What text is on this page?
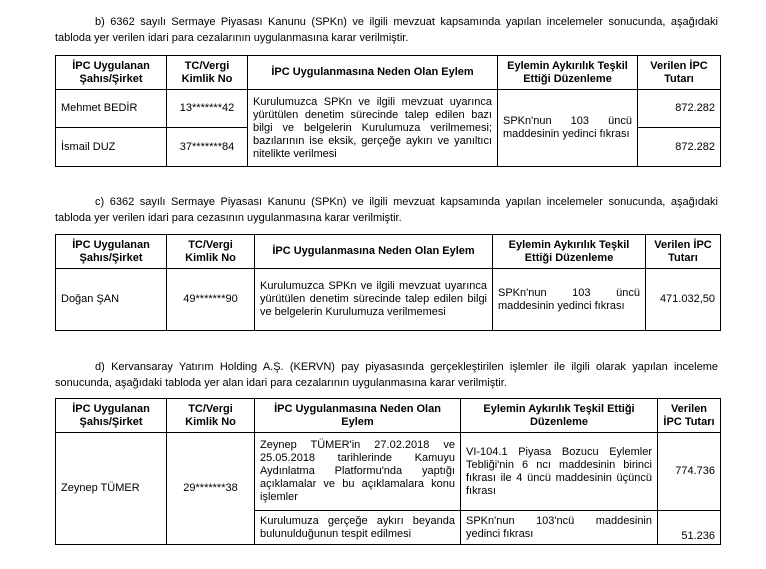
b) 6362 sayılı Sermaye Piyasası Kanunu (SPKn) ve ilgili mevzuat kapsamında yapılan incelemeler sonucunda, aşağıdaki tabloda yer verilen idari para cezalarının uygulanmasına karar verilmiştir.
İPC Uygulanan Şahıs/Şirket	TC/Vergi Kimlik No	İPC Uygulanmasına Neden Olan Eylem	Eylemin Aykırılık Teşkil Ettiği Düzenleme	Verilen İPC Tutarı
Mehmet BEDİR	13*******42	Kurulumuzca SPKn ve ilgili mevzuat uyarınca yürütülen denetim sürecinde talep edilen bazı bilgi ve belgelerin Kurulumuza verilmemesi; bazılarının ise eksik, gerçeğe aykırı ve yanıltıcı nitelikte verilmesi	SPKn'nun 103 üncü maddesinin yedinci fıkrası	872.282
İsmail DUZ	37*******84			872.282
c) 6362 sayılı Sermaye Piyasası Kanunu (SPKn) ve ilgili mevzuat kapsamında yapılan incelemeler sonucunda, aşağıdaki tabloda yer verilen idari para cezasının uygulanmasına karar verilmiştir.
İPC Uygulanan Şahıs/Şirket	TC/Vergi Kimlik No	İPC Uygulanmasına Neden Olan Eylem	Eylemin Aykırılık Teşkil Ettiği Düzenleme	Verilen İPC Tutarı
Doğan ŞAN	49*******90	Kurulumuzca SPKn ve ilgili mevzuat uyarınca yürütülen denetim sürecinde talep edilen bilgi ve belgelerin Kurulumuza verilmemesi	SPKn'nun 103 üncü maddesinin yedinci fıkrası	471.032,50
d) Kervansaray Yatırım Holding A.Ş. (KERVN) pay piyasasında gerçekleştirilen işlemler ile ilgili olarak yapılan inceleme sonucunda, aşağıdaki tabloda yer alan idari para cezalarının uygulanmasına karar verilmiştir.
İPC Uygulanan Şahıs/Şirket	TC/Vergi Kimlik No	İPC Uygulanmasına Neden Olan Eylem	Eylemin Aykırılık Teşkil Ettiği Düzenleme	Verilen İPC Tutarı
Zeynep TÜMER	29*******38	Zeynep TÜMER'in 27.02.2018 ve 25.05.2018 tarihlerinde Kamuyu Aydınlatma Platformu'nda yaptığı açıklamalar ve bu açıklamalara konu işlemler	VI-104.1 Piyasa Bozucu Eylemler Tebliği'nin 6 ncı maddesinin birinci fıkrası ile 4 üncü maddesinin üçüncü fıkrası	774.736
		Kurulumuza gerçeğe aykırı beyanda bulunulduğunun tespit edilmesi	SPKn'nun 103'ncü maddesinin yedinci fıkrası	51.236
